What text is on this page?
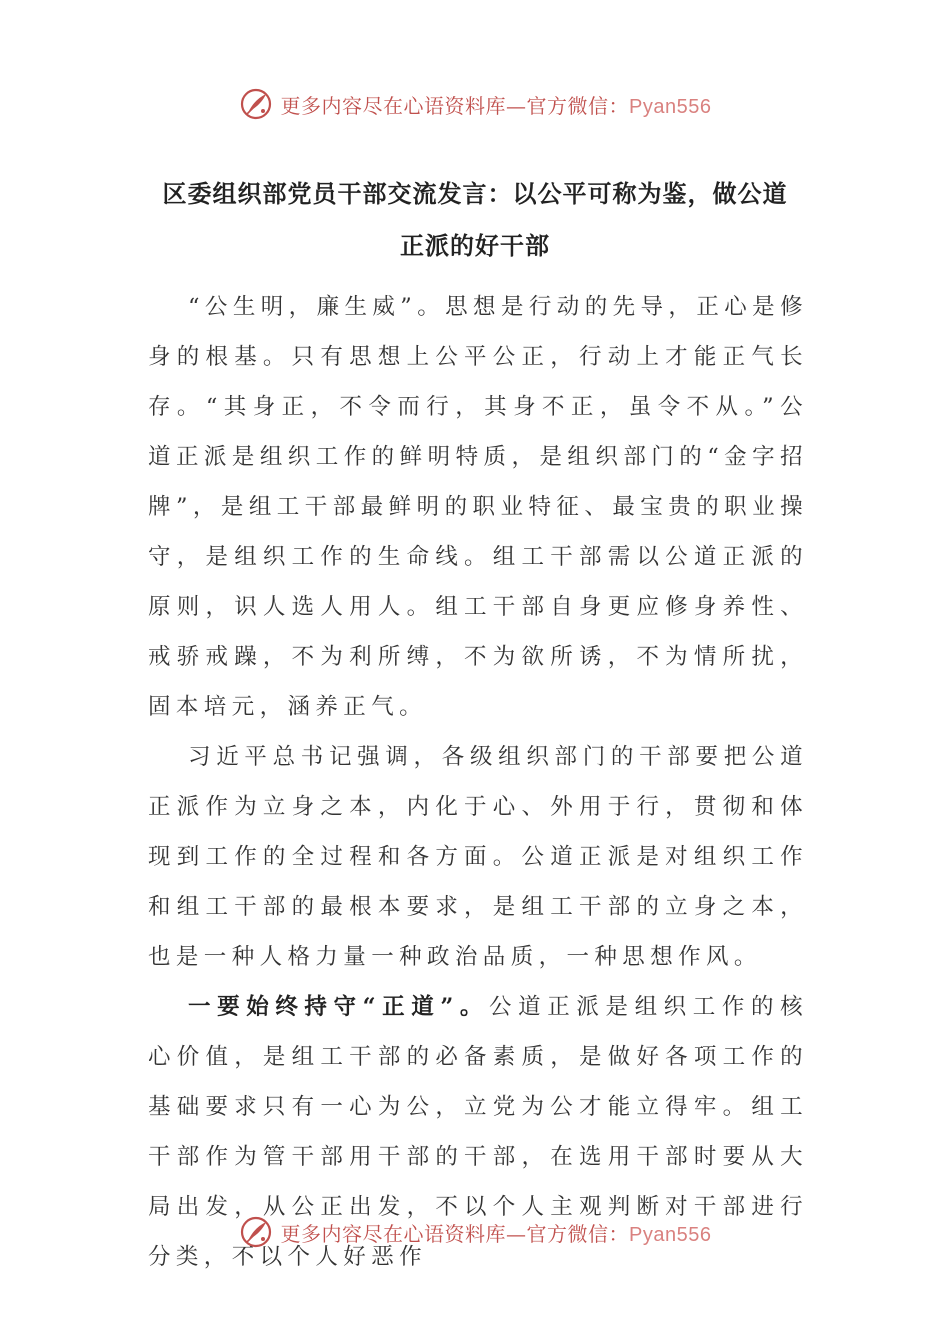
更多内容尽在心语资料库—官方微信：Pyan556
区委组织部党员干部交流发言：以公平可称为鉴，做公道
正派的好干部

“公生明，廉生威”。思想是行动的先导，正心是修身的根基。只有思想上公平公正，行动上才能正气长存。“其身正，不令而行，其身不正，虽令不从。”公道正派是组织工作的鲜明特质，是组织部门的“金字招牌”，是组工干部最鲜明的职业特征、最宝贵的职业操守，是组织工作的生命线。组工干部需以公道正派的原则，识人选人用人。组工干部自身更应修身养性、戒骄戒躁，不为利所缚，不为欲所诱，不为情所扰，固本培元，涵养正气。

习近平总书记强调，各级组织部门的干部要把公道正派作为立身之本，内化于心、外用于行，贯彻和体现到工作的全过程和各方面。公道正派是对组织工作和组工干部的最根本要求，是组工干部的立身之本，也是一种人格力量一种政治品质，一种思想作风。

一要始终持守“正道”。公道正派是组织工作的核心价值，是组工干部的必备素质，是做好各项工作的基础要求只有一心为公，立党为公才能立得牢。组工干部作为管干部用干部的干部，在选用干部时要从大局出发，从公正出发，不以个人主观判断对干部进行分类，不以个人好恶作

更多内容尽在心语资料库—官方微信：Pyan556
